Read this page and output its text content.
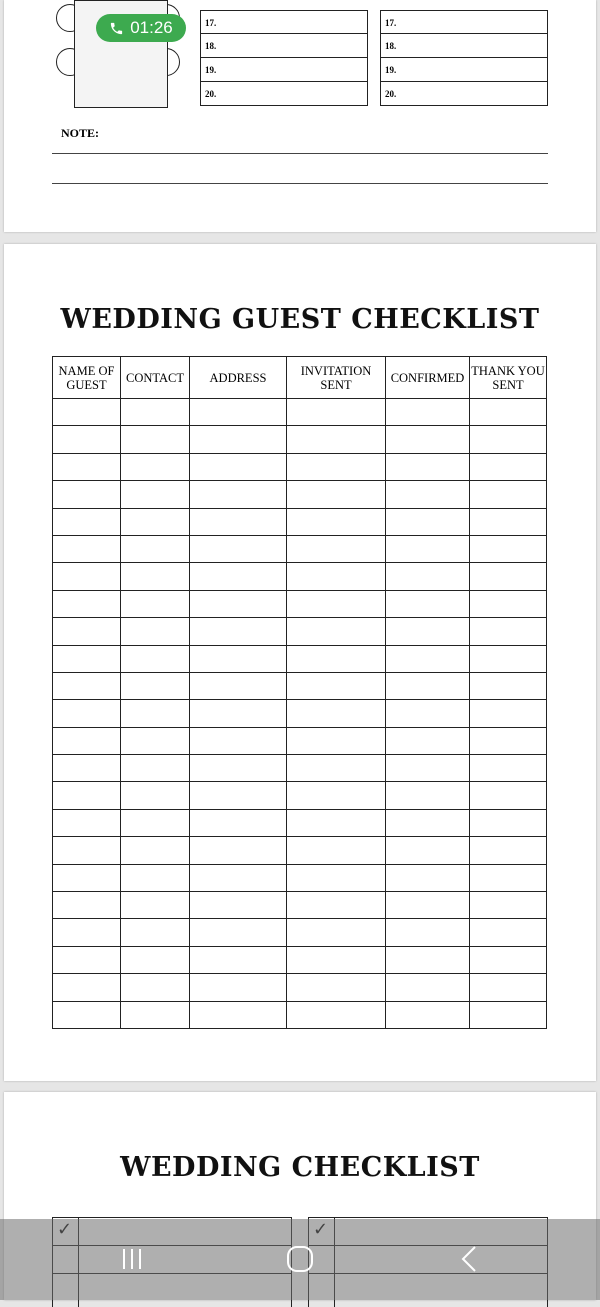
17.
18.
19.
20.
17.
18.
19.
20.
NOTE:
01:26
WEDDING GUEST CHECKLIST
NAME OF GUEST	CONTACT	ADDRESS	INVITATION SENT	CONFIRMED	THANK YOU SENT

WEDDING CHECKLIST
